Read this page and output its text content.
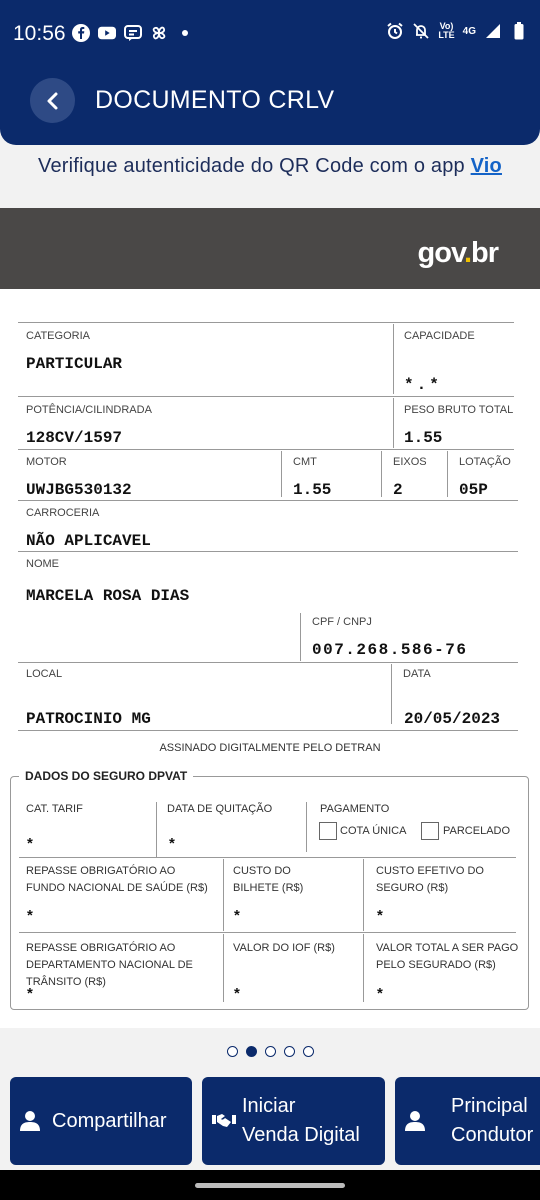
10:56	Vo)
LTE 4G
DOCUMENTO CRLV
Verifique autenticidade do QR Code com o app Vio
gov.br
CATEGORIA
PARTICULAR
CAPACIDADE
*.*
POTÊNCIA/CILINDRADA
128CV/1597
PESO BRUTO TOTAL
1.55
MOTOR
UWJBG530132
CMT
1.55
EIXOS
2
LOTAÇÃO
05P
CARROCERIA
NÃO APLICAVEL
NOME
MARCELA ROSA DIAS
CPF / CNPJ
007.268.586-76
LOCAL
PATROCINIO MG
DATA
20/05/2023
ASSINADO DIGITALMENTE PELO DETRAN
DADOS DO SEGURO DPVAT
CAT. TARIF
*
DATA DE QUITAÇÃO
*
PAGAMENTO
COTA ÚNICA	PARCELADO
REPASSE OBRIGATÓRIO AO FUNDO NACIONAL DE SAÚDE (R$)
*
CUSTO DO BILHETE (R$)
*
CUSTO EFETIVO DO SEGURO (R$)
*
REPASSE OBRIGATÓRIO AO DEPARTAMENTO NACIONAL DE TRÂNSITO (R$)
*
VALOR DO IOF (R$)
*
VALOR TOTAL A SER PAGO PELO SEGURADO (R$)
*
Compartilhar
Iniciar
Venda Digital
Principal
Condutor
